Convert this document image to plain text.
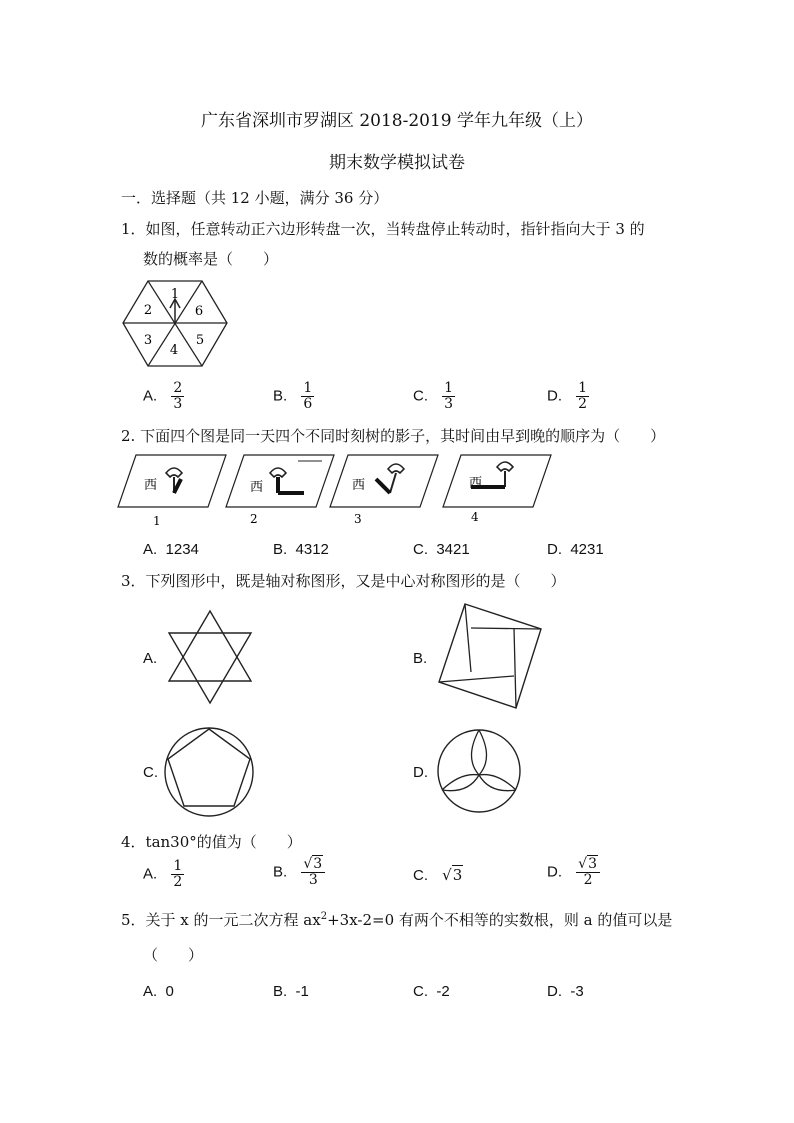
广东省深圳市罗湖区 2018-2019 学年九年级（上）
期末数学模拟试卷
一．选择题（共 12 小题，满分 36 分）
1．如图，任意转动正六边形转盘一次，当转盘停止转动时，指针指向大于 3 的
数的概率是（　　）
1
2
3
4
5
6
A. $\frac{2}{3}$	B. $\frac{1}{6}$	C. $\frac{1}{3}$	D. $\frac{1}{2}$
2. 下面四个图是同一天四个不同时刻树的影子，其时间由早到晚的顺序为（　　）
西
1
西
2
西
3
西
4
A. 1234	B. 4312	C. 3421	D. 4231
3．下列图形中，既是轴对称图形，又是中心对称图形的是（　　）
A.	B.
C.	D.
4．tan30°的值为（　　）
A. $\frac{1}{2}$	B. $\frac{√3}{3}$	C. √3	D. $\frac{√3}{2}$
5．关于 x 的一元二次方程 $ax^2+3x-2=0$ 有两个不相等的实数根，则 a 的值可以是
（　　）
A. 0	B. -1	C. -2	D. -3
